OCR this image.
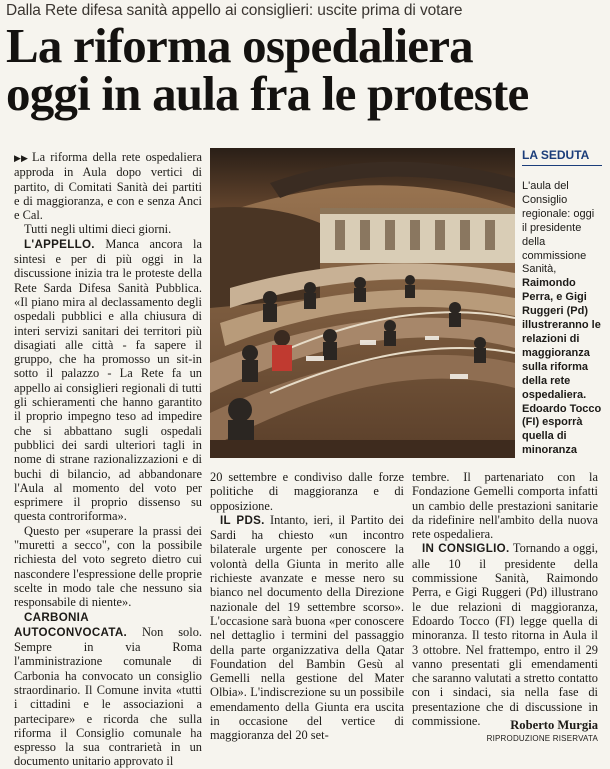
Dalla Rete difesa sanità appello ai consiglieri: uscite prima di votare
La riforma ospedaliera
oggi in aula fra le proteste

▶▶ La riforma della rete ospedaliera approda in Aula dopo vertici di partito, di Comitati Sanità dei partiti e di maggioranza, e con e senza Anci e Cal.

Tutti negli ultimi dieci giorni.

L'APPELLO. Manca ancora la sintesi e per di più oggi in la discussione inizia tra le proteste della Rete Sarda Difesa Sanità Pubblica. «Il piano mira al declassamento degli ospedali pubblici e alla chiusura di interi servizi sanitari dei territori più disagiati alle città - fa sapere il gruppo, che ha promosso un sit-in sotto il palazzo - La Rete fa un appello ai consiglieri regionali di tutti gli schieramenti che hanno garantito il proprio impegno teso ad impedire che si abbattano sugli ospedali pubblici dei sardi ulteriori tagli in nome di strane razionalizzazioni e di buchi di bilancio, ad abbandonare l'Aula al momento del voto per esprimere il proprio dissenso su questa controriforma».

Questo per «superare la prassi dei "muretti a secco", con la possibile richiesta del voto segreto dietro cui nascondere l'espressione delle proprie scelte in modo tale che nessuno sia responsabile di niente».

CARBONIA AUTOCONVOCATA. Non solo. Sempre in via Roma l'amministrazione comunale di Carbonia ha convocato un consiglio straordinario. Il Comune invita «tutti i cittadini e le associazioni a partecipare» e ricorda che sulla riforma il Consiglio comunale ha espresso la sua contrarietà in un documento unitario approvato il

LA SEDUTA
L'aula del Consiglio regionale: oggi il presidente della commissione Sanità, Raimondo Perra, e Gigi Ruggeri (Pd) illustreranno le relazioni di maggioranza sulla riforma della rete ospedaliera. Edoardo Tocco (FI) esporrà quella di minoranza

20 settembre e condiviso dalle forze politiche di maggioranza e di opposizione.

IL PDS. Intanto, ieri, il Partito dei Sardi ha chiesto «un incontro bilaterale urgente per conoscere la volontà della Giunta in merito alle richieste avanzate e messe nero su bianco nel documento della Direzione nazionale del 19 settembre scorso». L'occasione sarà buona «per conoscere nel dettaglio i termini del passaggio della parte organizzativa della Qatar Foundation del Bambin Gesù al Gemelli nella gestione del Mater Olbia». L'indiscrezione su un possibile emendamento della Giunta era uscita in occasione del vertice di maggioranza del 20 set-

tembre. Il partenariato con la Fondazione Gemelli comporta infatti un cambio delle prestazioni sanitarie da ridefinire nell'ambito della nuova rete ospedaliera.

IN CONSIGLIO. Tornando a oggi, alle 10 il presidente della commissione Sanità, Raimondo Perra, e Gigi Ruggeri (Pd) illustrano le due relazioni di maggioranza, Edoardo Tocco (FI) legge quella di minoranza. Il testo ritorna in Aula il 3 ottobre. Nel frattempo, entro il 29 vanno presentati gli emendamenti che saranno valutati a stretto contatto con i sindaci, sia nella fase di presentazione che di discussione in commissione.	Roberto Murgia
RIPRODUZIONE RISERVATA
